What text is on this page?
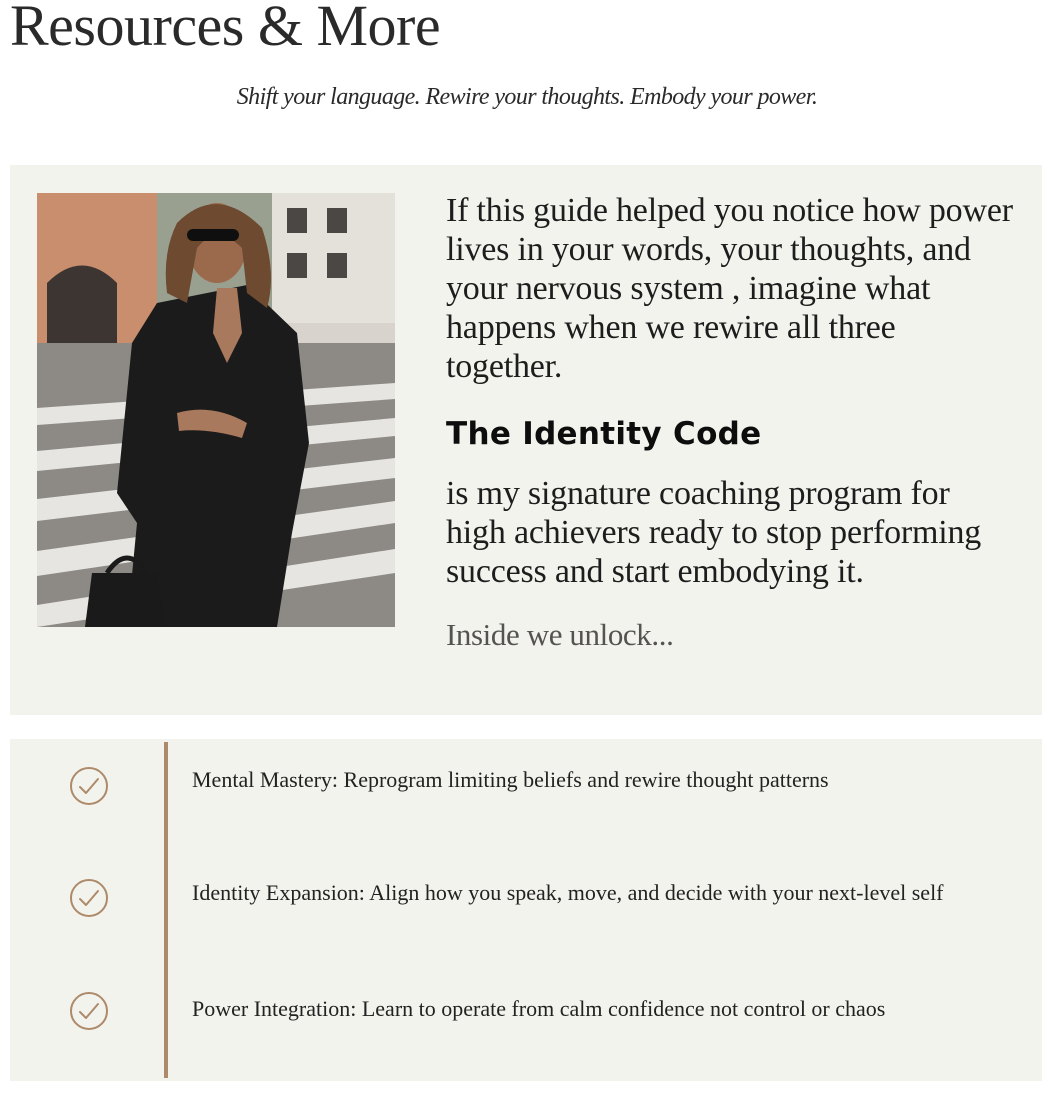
Resources & More

Shift your language. Rewire your thoughts. Embody your power.

If this guide helped you notice how power lives in your words, your thoughts, and your nervous system , imagine what happens when we rewire all three together.

The Identity Code

is my signature coaching program for high achievers ready to stop performing success and start embodying it.

Inside we unlock...

Mental Mastery: Reprogram limiting beliefs and rewire thought patterns

Identity Expansion: Align how you speak, move, and decide with your next-level self

Power Integration: Learn to operate from calm confidence not control or chaos
